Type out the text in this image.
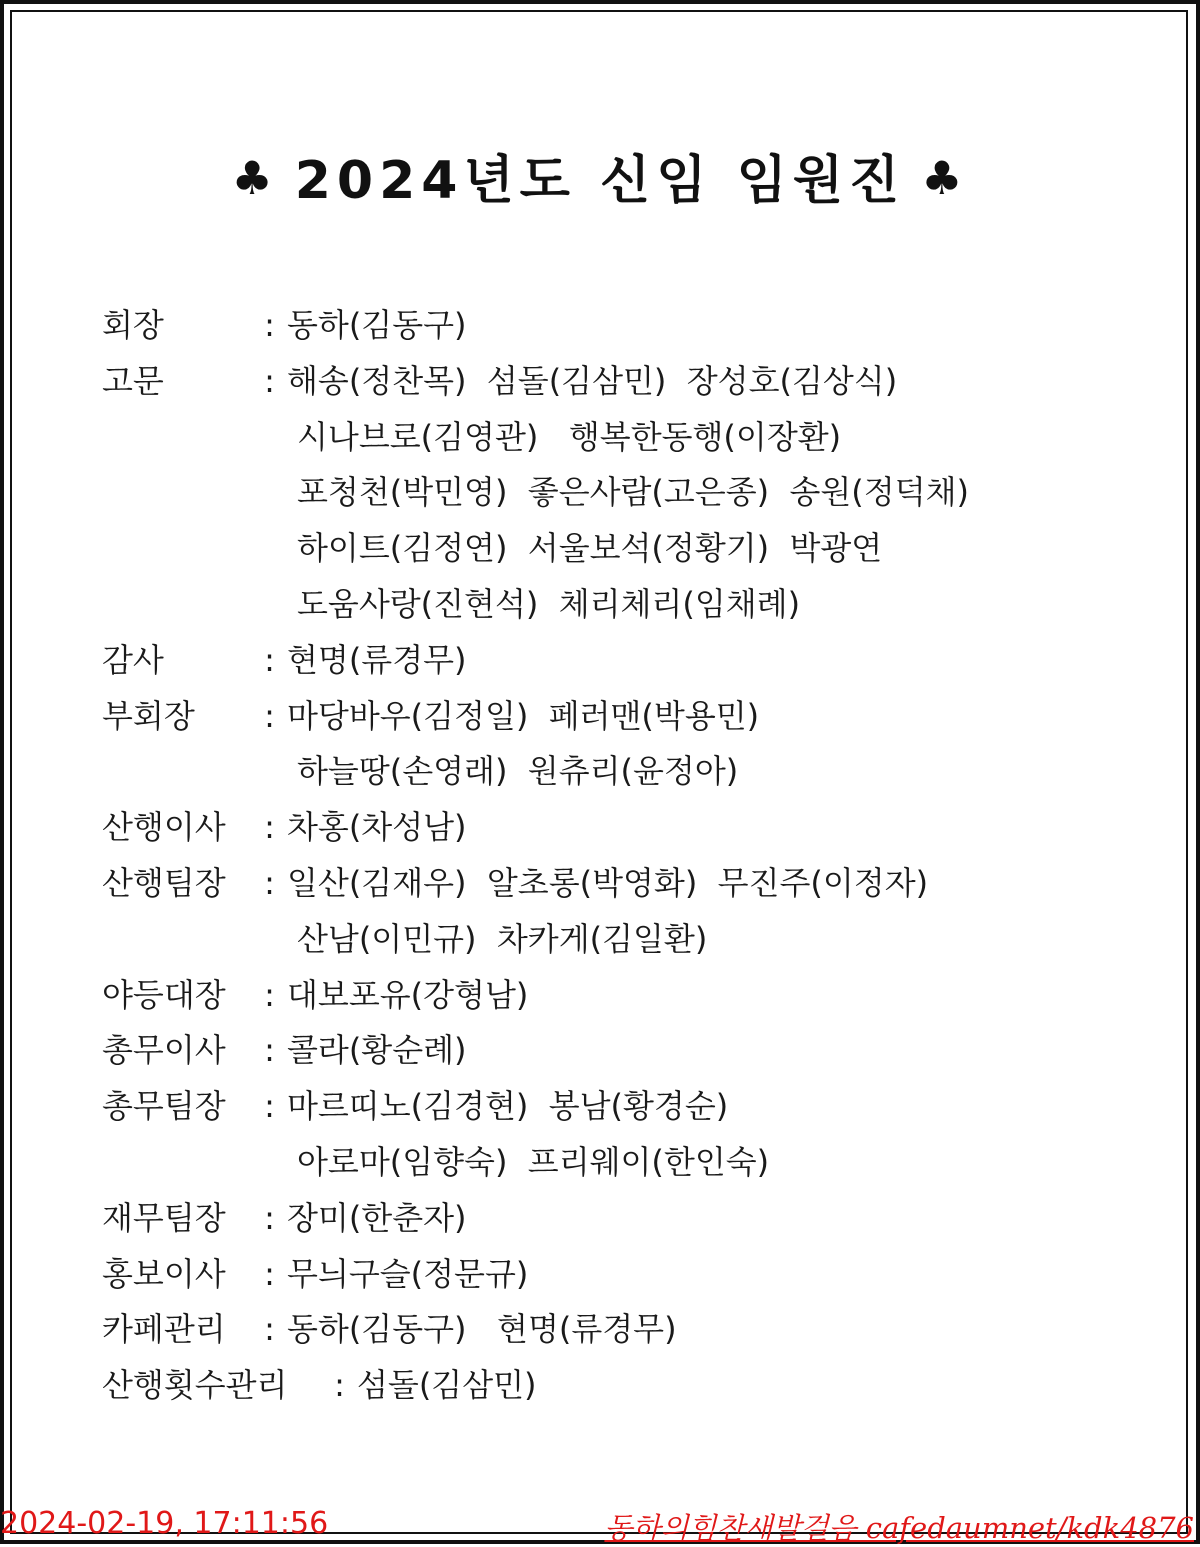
♣ 2024년도 신임 임원진 ♣
회장	: 동하(김동구)
고문	: 해송(정찬목)  섬돌(김삼민)  장성호(김상식)
시나브로(김영관)   행복한동행(이장환)
포청천(박민영)  좋은사람(고은종)  송원(정덕채)
하이트(김정연)  서울보석(정황기)  박광연
도움사랑(진현석)  체리체리(임채례)
감사	: 현명(류경무)
부회장	: 마당바우(김정일)  페러맨(박용민)
하늘땅(손영래)  원츄리(윤정아)
산행이사	: 차홍(차성남)
산행팀장	: 일산(김재우)  알초롱(박영화)  무진주(이정자)
산남(이민규)  차카게(김일환)
야등대장	: 대보포유(강형남)
총무이사	: 콜라(황순례)
총무팀장	: 마르띠노(김경현)  봉남(황경순)
아로마(임향숙)  프리웨이(한인숙)
재무팀장	: 장미(한춘자)
홍보이사	: 무늬구슬(정문규)
카페관리	: 동하(김동구)   현명(류경무)
산행횟수관리	: 섬돌(김삼민)
2024-02-19, 17:11:56	동하의힘찬새발걸음 cafedaumnet/kdk4876
